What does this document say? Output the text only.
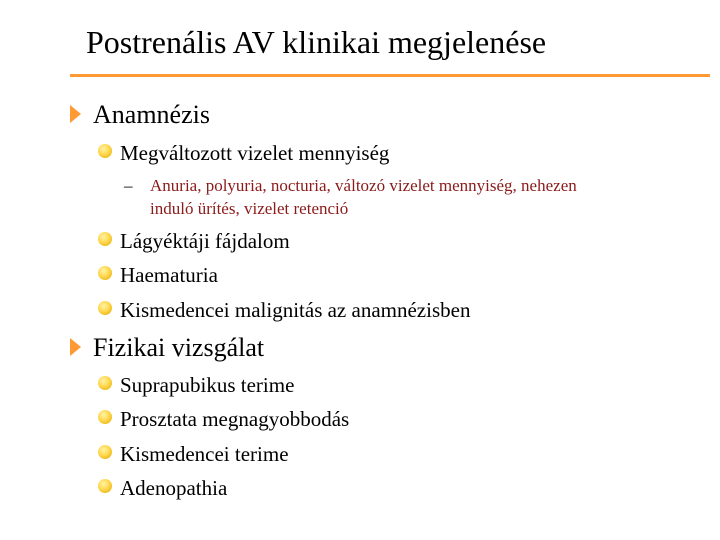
Postrenális AV klinikai megjelenése
Anamnézis
Megváltozott vizelet mennyiség
– Anuria, polyuria, nocturia, változó vizelet mennyiség, nehezen
induló ürítés, vizelet retenció
Lágyéktáji fájdalom
Haematuria
Kismedencei malignitás az anamnézisben
Fizikai vizsgálat
Suprapubikus terime
Prosztata megnagyobbodás
Kismedencei terime
Adenopathia
